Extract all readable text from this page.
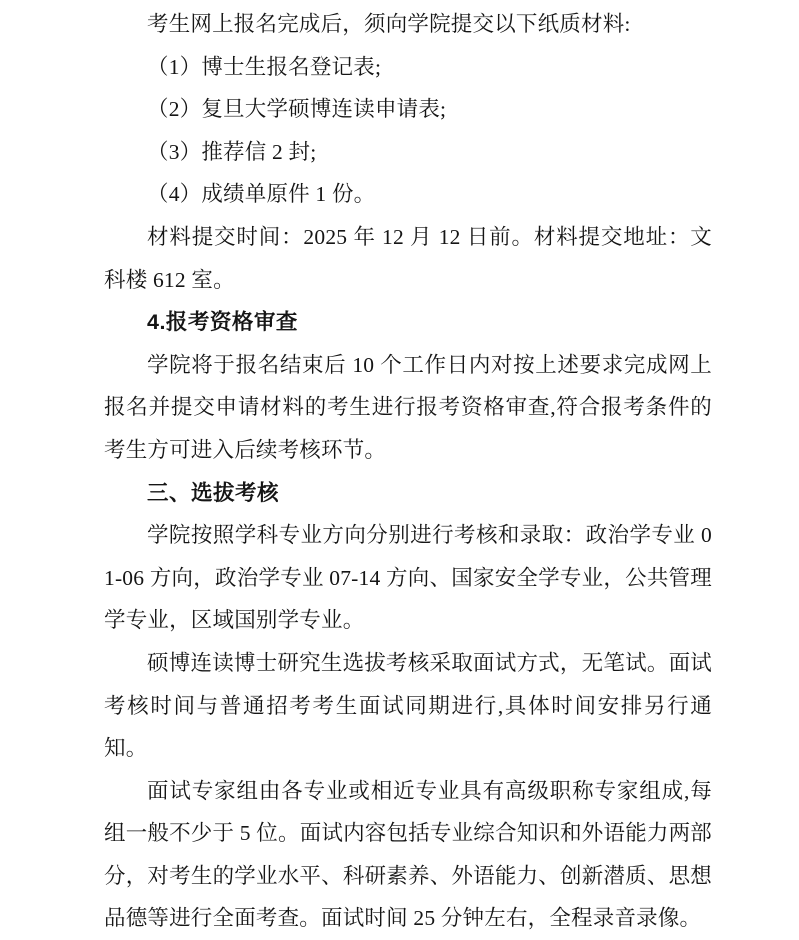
考生网上报名完成后，须向学院提交以下纸质材料:

（1）博士生报名登记表;

（2）复旦大学硕博连读申请表;

（3）推荐信 2 封;

（4）成绩单原件 1 份。

材料提交时间：2025 年 12 月 12 日前。材料提交地址：文科楼 612 室。

4.报考资格审查

学院将于报名结束后 10 个工作日内对按上述要求完成网上报名并提交申请材料的考生进行报考资格审查,符合报考条件的考生方可进入后续考核环节。

三、选拔考核

学院按照学科专业方向分别进行考核和录取：政治学专业 01-06 方向，政治学专业 07-14 方向、国家安全学专业，公共管理学专业，区域国别学专业。

硕博连读博士研究生选拔考核采取面试方式，无笔试。面试考核时间与普通招考考生面试同期进行,具体时间安排另行通知。

面试专家组由各专业或相近专业具有高级职称专家组成,每组一般不少于 5 位。面试内容包括专业综合知识和外语能力两部分，对考生的学业水平、科研素养、外语能力、创新潜质、思想品德等进行全面考查。面试时间 25 分钟左右，全程录音录像。
